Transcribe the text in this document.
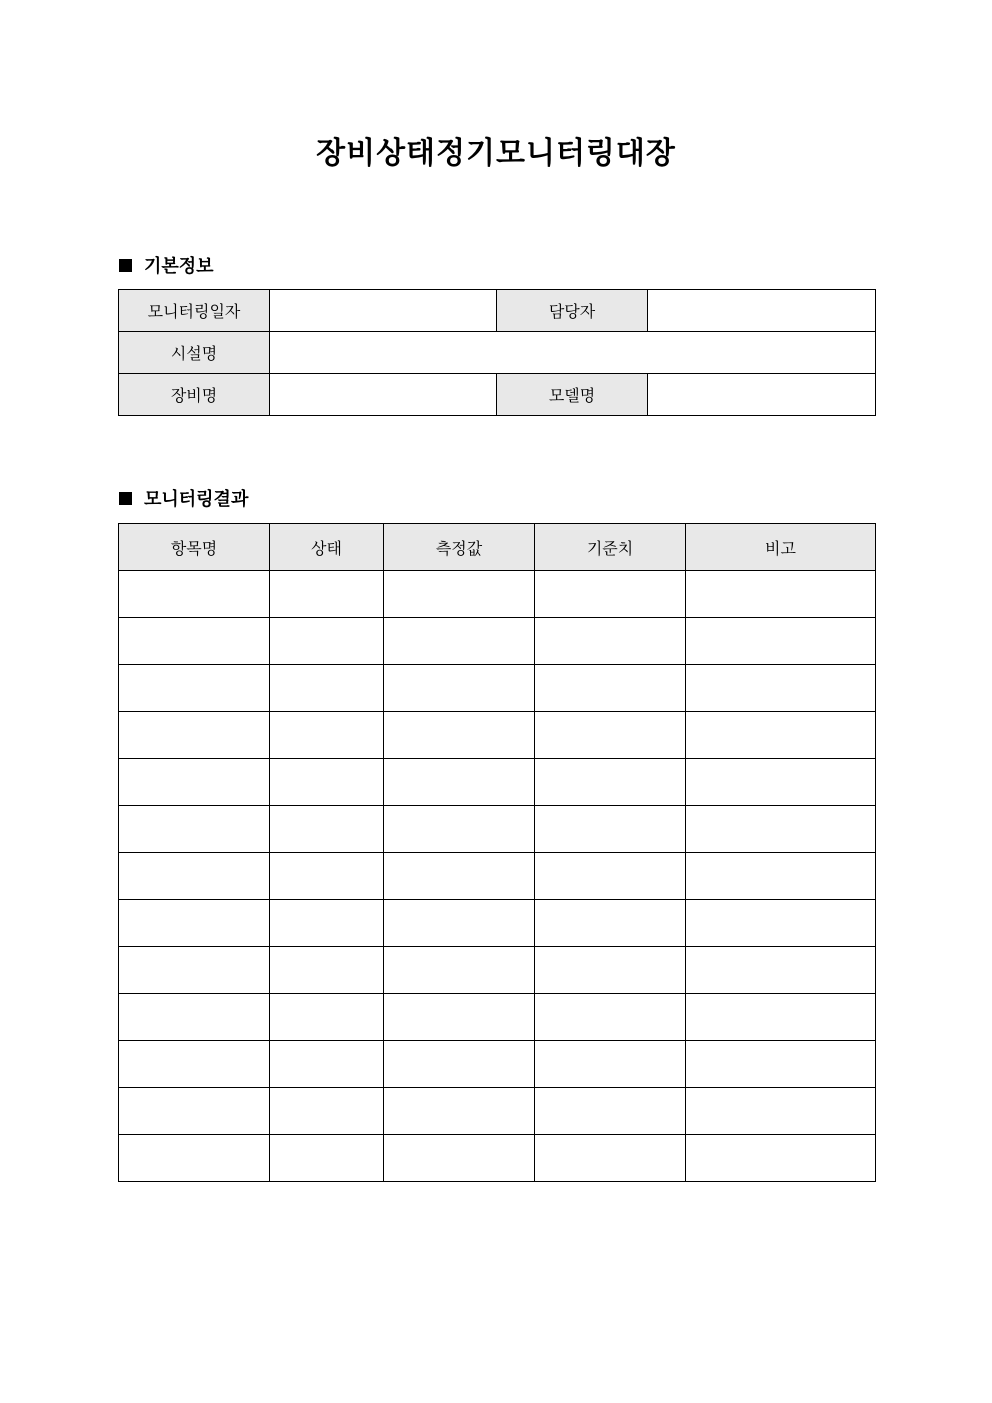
장비상태정기모니터링대장
기본정보
모니터링일자		담당자	
시설명			
장비명		모델명	
모니터링결과
항목명	상태	측정값	기준치	비고
